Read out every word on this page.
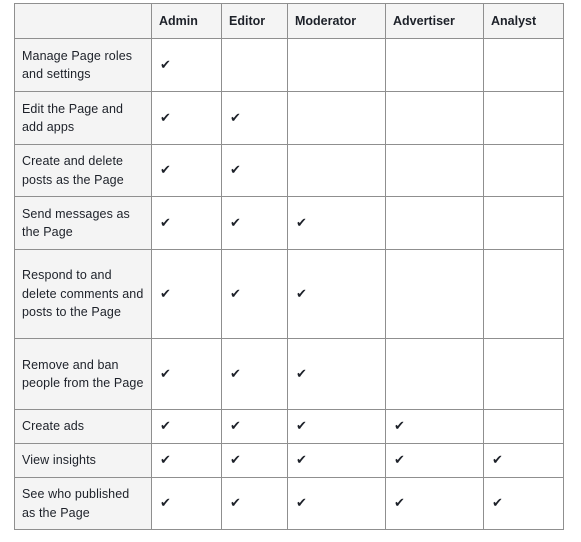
	Admin	Editor	Moderator	Advertiser	Analyst
Manage Page roles and settings	✔				
Edit the Page and add apps	✔	✔			
Create and delete posts as the Page	✔	✔			
Send messages as the Page	✔	✔	✔		
Respond to and delete comments and posts to the Page	✔	✔	✔		
Remove and ban people from the Page	✔	✔	✔		
Create ads	✔	✔	✔	✔	
View insights	✔	✔	✔	✔	✔
See who published as the Page	✔	✔	✔	✔	✔
